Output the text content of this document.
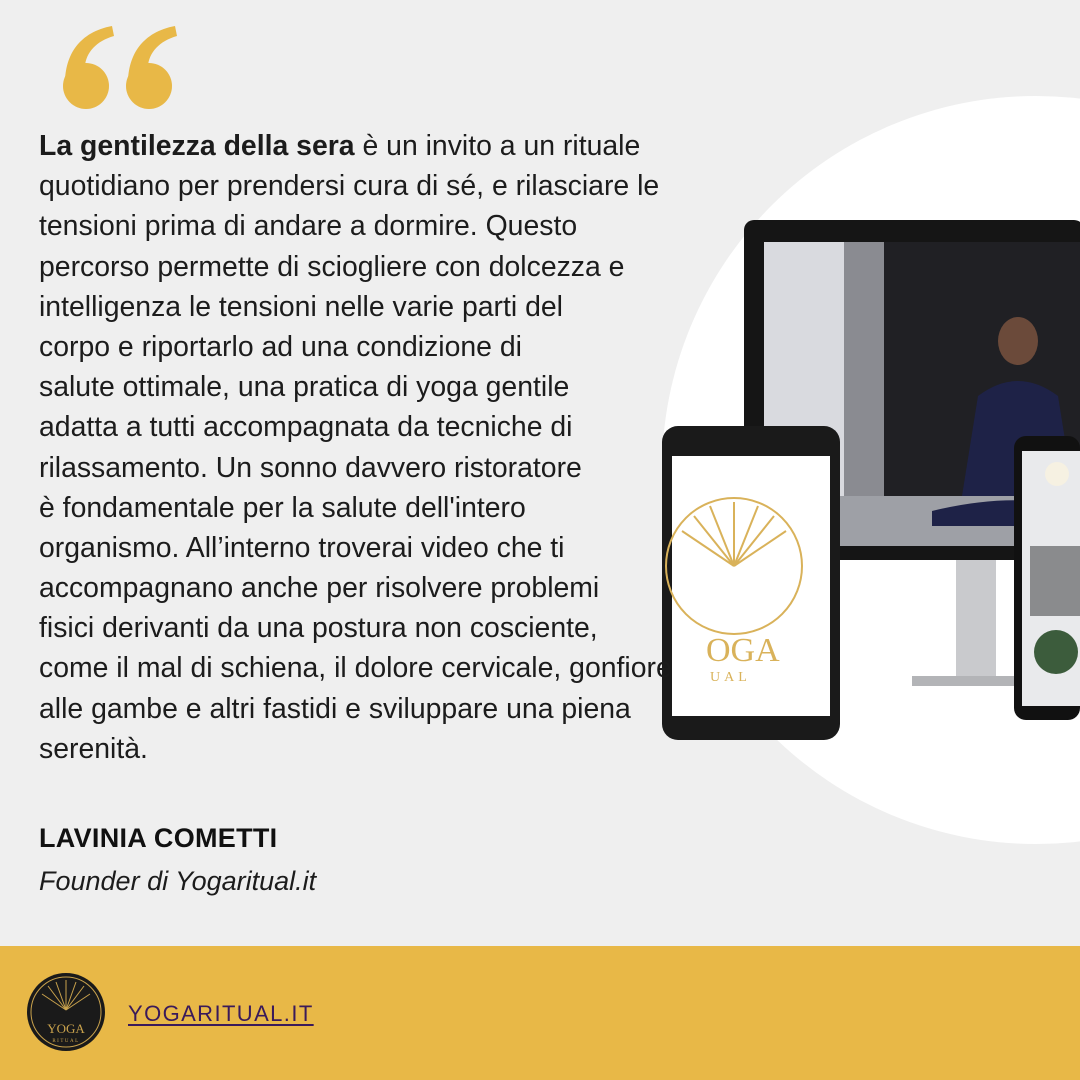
OGA
UAL
La gentilezza della sera è un invito a un rituale
quotidiano per prendersi cura di sé, e rilasciare le
tensioni prima di andare a dormire. Questo
percorso permette di sciogliere con dolcezza e
intelligenza le tensioni nelle varie parti del
corpo e riportarlo ad una condizione di
salute ottimale, una pratica di yoga gentile
adatta a tutti accompagnata da tecniche di
rilassamento. Un sonno davvero ristoratore
è fondamentale per la salute dell'intero
organismo. All’interno troverai video che ti
accompagnano anche per risolvere problemi
fisici derivanti da una postura non cosciente,
come il mal di schiena, il dolore cervicale, gonfiore
alle gambe e altri fastidi e sviluppare una piena
serenità.
LAVINIA COMETTI
Founder di Yogaritual.it
YOGA
RITUAL
YOGARITUAL.IT
